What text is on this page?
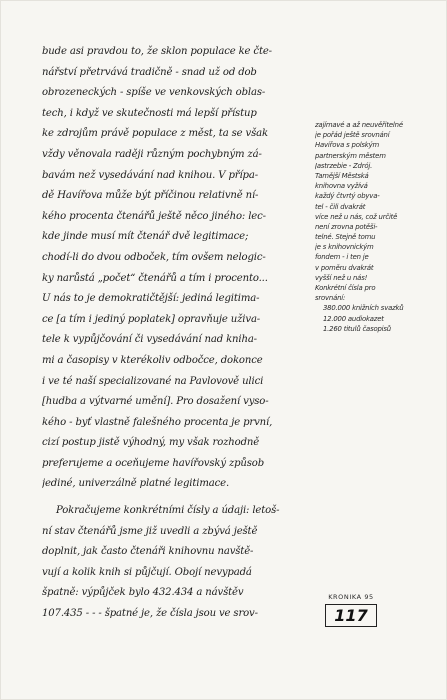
bude asi pravdou to, že sklon populace ke čte-
nářství přetrvává tradičně - snad už od dob
obrozeneckých - spíše ve venkovských oblas-
tech, i když ve skutečnosti má lepší přístup
ke zdrojům právě populace z měst, ta se však
vždy věnovala raději různým pochybným zá-
bavám než vysedávání nad knihou. V přípa-
dě Havířova může být příčinou relativně ní-
kého procenta čtenářů ještě něco jiného: lec-
kde jinde musí mít čtenář dvě legitimace;
chodí-li do dvou odboček, tím ovšem nelogic-
ky narůstá „počet“ čtenářů a tím i procento...
U nás to je demokratičtější: jediná legitima-
ce [a tím i jediný poplatek] opravňuje uživa-
tele k vypůjčování či vysedávání nad kniha-
mi a časopisy v kterékoliv odbočce, dokonce
i ve té naší specializované na Pavlovově ulici
[hudba a výtvarné umění]. Pro dosažení vyso-
kého - byť vlastně falešného procenta je první,
cizí postup jistě výhodný, my však rozhodně
preferujeme a oceňujeme havířovský způsob
jediné, univerzálně platné legitimace.
Pokračujeme konkrétními čísly a údaji: letoš-
ní stav čtenářů jsme již uvedli a zbývá ještě
doplnit, jak často čtenáři knihovnu navště-
vují a kolik knih si půjčují. Obojí nevypadá
špatně: výpůjček bylo 432.434 a návštěv
107.435 - - - špatné je, že čísla jsou ve srov-
zajímavé a až neuvěřitelné
je pořád ještě srovnání
Havířova s polským
partnerským městem
Jastrzebie - Zdrój.
Tamější Městská
knihovna vyžívá
každý čtvrtý obyva-
tel - čili dvakrát
více než u nás, což určitě
není zrovna potěši-
telné. Stejně tomu
je s knihovnickým
fondem - i ten je
v poměru dvakrát
vyšší než u nás!
Konkrétní čísla pro
srovnání:
380.000 knižních svazků
12.000 audiokazet
1.260 titulů časopisů
KRONIKA 95
117
